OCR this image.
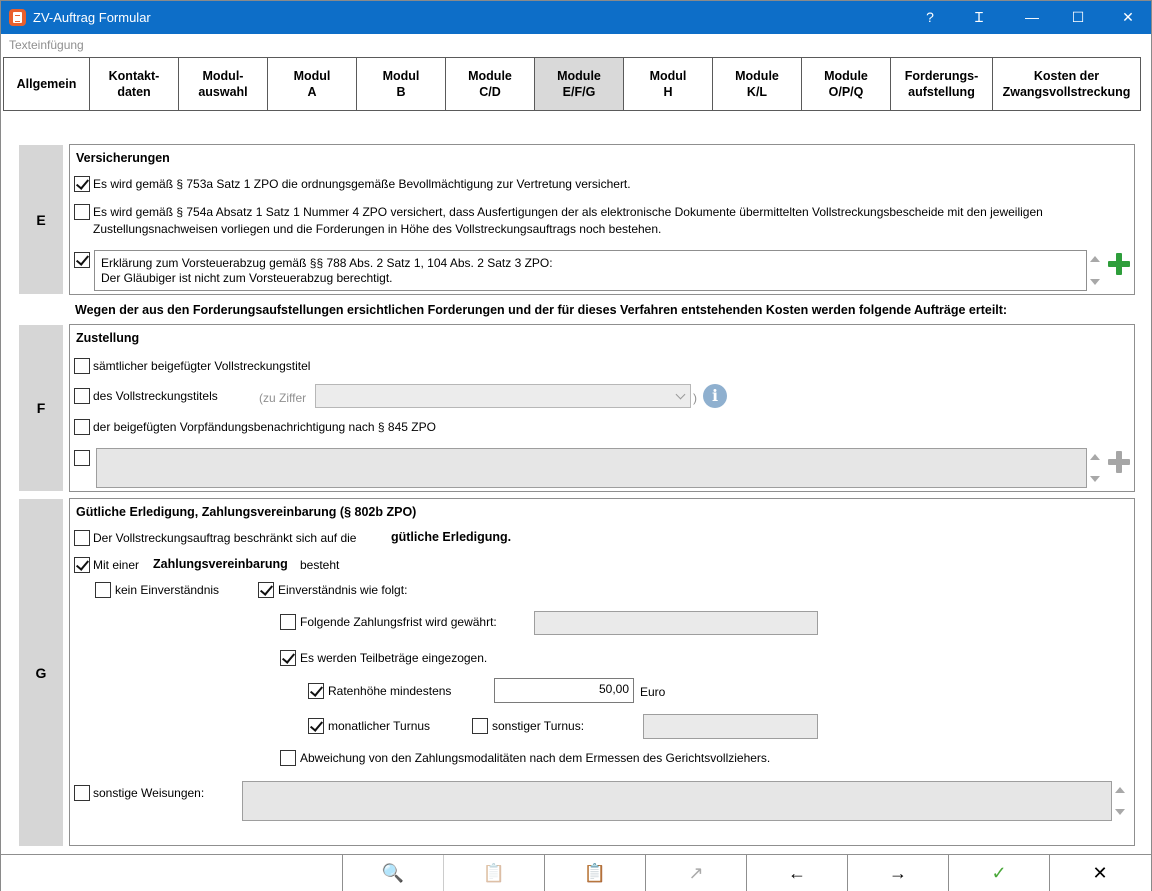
ZV-Auftrag Formular	?	Ɪ	—	☐	✕
Texteinfügung
Allgemein
Kontakt-
daten
Modul-
auswahl
Modul
A
Modul
B
Module
C/D
Module
E/F/G
Modul
H
Module
K/L
Module
O/P/Q
Forderungs-
aufstellung
Kosten der
Zwangsvollstreckung
E
Versicherungen
Es wird gemäß § 753a Satz 1 ZPO die ordnungsgemäße Bevollmächtigung zur Vertretung versichert.
Es wird gemäß § 754a Absatz 1 Satz 1 Nummer 4 ZPO versichert, dass Ausfertigungen der als elektronische Dokumente übermittelten Vollstreckungsbescheide mit den jeweiligen Zustellungsnachweisen vorliegen und die Forderungen in Höhe des Vollstreckungsauftrags noch bestehen.
Erklärung zum Vorsteuerabzug gemäß §§ 788 Abs. 2 Satz 1, 104 Abs. 2 Satz 3 ZPO:
Der Gläubiger ist nicht zum Vorsteuerabzug berechtigt.
Wegen der aus den Forderungsaufstellungen ersichtlichen Forderungen und der für dieses Verfahren entstehenden Kosten werden folgende Aufträge erteilt:
F
Zustellung
sämtlicher beigefügter Vollstreckungstitel
des Vollstreckungstitels	(zu Ziffer	) i
der beigefügten Vorpfändungsbenachrichtigung nach § 845 ZPO
G
Gütliche Erledigung, Zahlungsvereinbarung (§ 802b ZPO)
Der Vollstreckungsauftrag beschränkt sich auf die	gütliche Erledigung.
Mit einer Zahlungsvereinbarung besteht
kein Einverständnis	Einverständnis wie folgt:
Folgende Zahlungsfrist wird gewährt:
Es werden Teilbeträge eingezogen.
Ratenhöhe mindestens	50,00 Euro
monatlicher Turnus	sonstiger Turnus:
Abweichung von den Zahlungsmodalitäten nach dem Ermessen des Gerichtsvollziehers.
sonstige Weisungen:
🔍	📋	📋	↗	←	→	✓	✕
